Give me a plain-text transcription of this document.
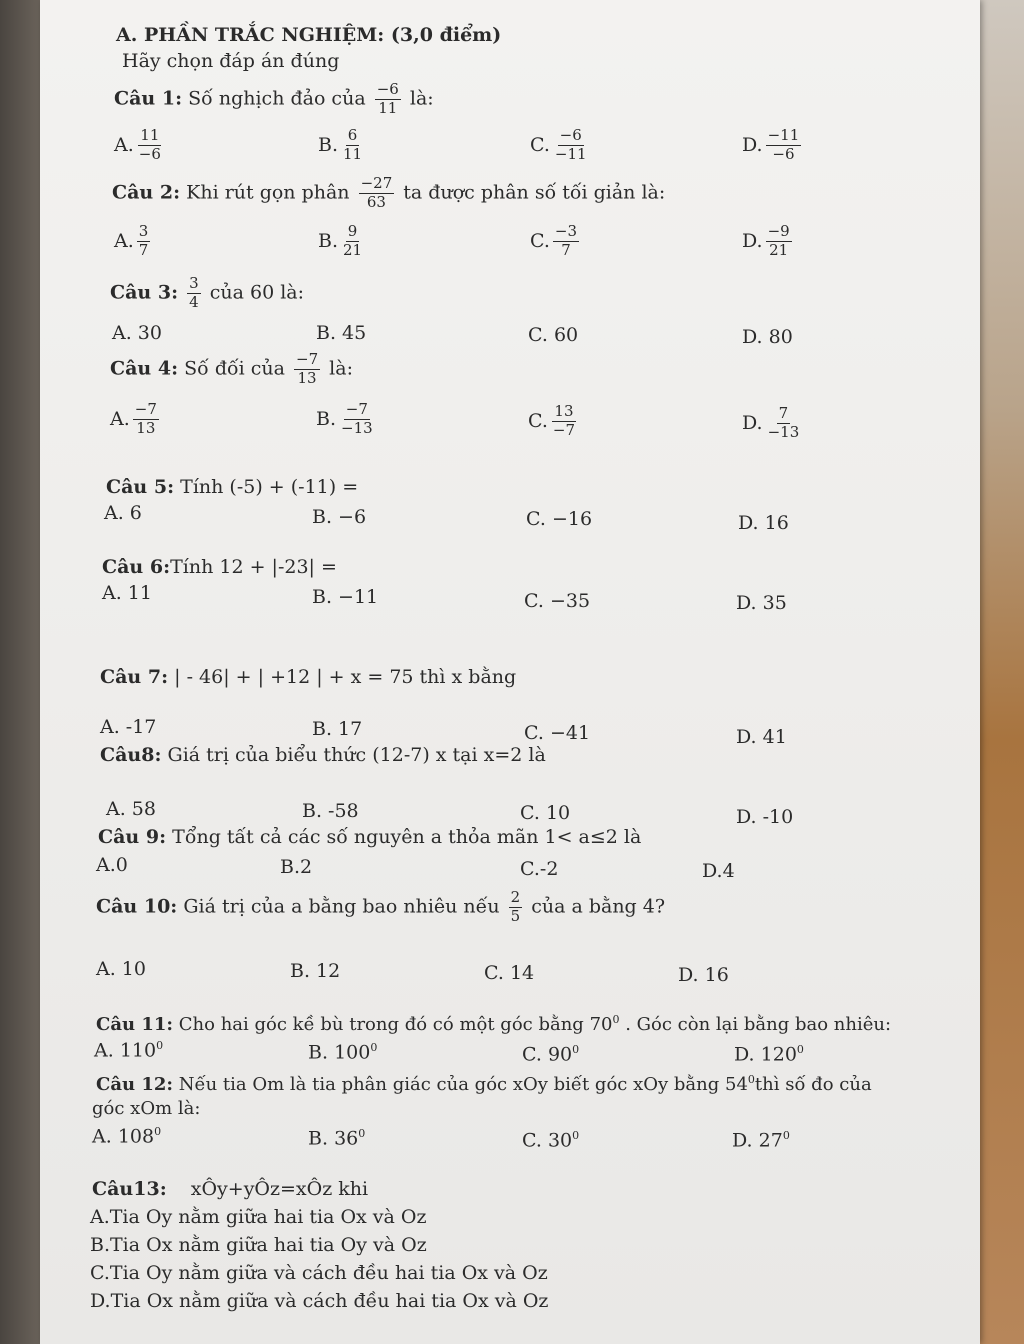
A. PHẦN TRẮC NGHIỆM: (3,0 điểm)
Hãy chọn đáp án đúng
Câu 1: Số nghịch đảo của $\frac{-6}{11}$ là:
A. $\frac{11}{-6}$	B. $\frac{6}{11}$	C. $\frac{-6}{-11}$	D. $\frac{-11}{-6}$
Câu 2: Khi rút gọn phân $\frac{-27}{63}$ ta được phân số tối giản là:
A. $\frac{3}{7}$	B. $\frac{9}{21}$	C. $\frac{-3}{7}$	D. $\frac{-9}{21}$
Câu 3: $\frac{3}{4}$ của 60 là:
A. 30	B. 45	C. 60	D. 80
Câu 4: Số đối của $\frac{-7}{13}$ là:
A. $\frac{-7}{13}$	B. $\frac{-7}{-13}$	C. $\frac{13}{-7}$	D. $\frac{7}{-13}$
Câu 5: Tính (-5) + (-11) =
A. 6	B. −6	C. −16	D. 16
Câu 6:Tính 12 + |-23| =
A. 11	B. −11	C. −35	D. 35
Câu 7: | - 46| + | +12 | + x = 75 thì x bằng
A. -17	B. 17	C. −41	D. 41
Câu8: Giá trị của biểu thức (12-7) x tại x=2 là
A. 58	B. -58	C. 10	D. -10
Câu 9: Tổng tất cả các số nguyên a thỏa mãn 1< a≤2 là
A.0	B.2	C.-2	D.4
Câu 10: Giá trị của a bằng bao nhiêu nếu $\frac{2}{5}$ của a bằng 4?
A. 10	B. 12	C. 14	D. 16
Câu 11: Cho hai góc kề bù trong đó có một góc bằng $70^0$ . Góc còn lại bằng bao nhiêu:
A. $110^0$	B. $100^0$	C. $90^0$	D. $120^0$
Câu 12: Nếu tia Om là tia phân giác của góc xOy biết góc xOy bằng $54^0thì$ số đo của
góc xOm là:
A. $108^0$	B. $36^0$	C. $30^0$	D. $27^0$
Câu13: xÔy+yÔz=xÔz khi
A.Tia Oy nằm giữa hai tia Ox và Oz
B.Tia Ox nằm giữa hai tia Oy và Oz
C.Tia Oy nằm giữa và cách đều hai tia Ox và Oz
D.Tia Ox nằm giữa và cách đều hai tia Ox và Oz
